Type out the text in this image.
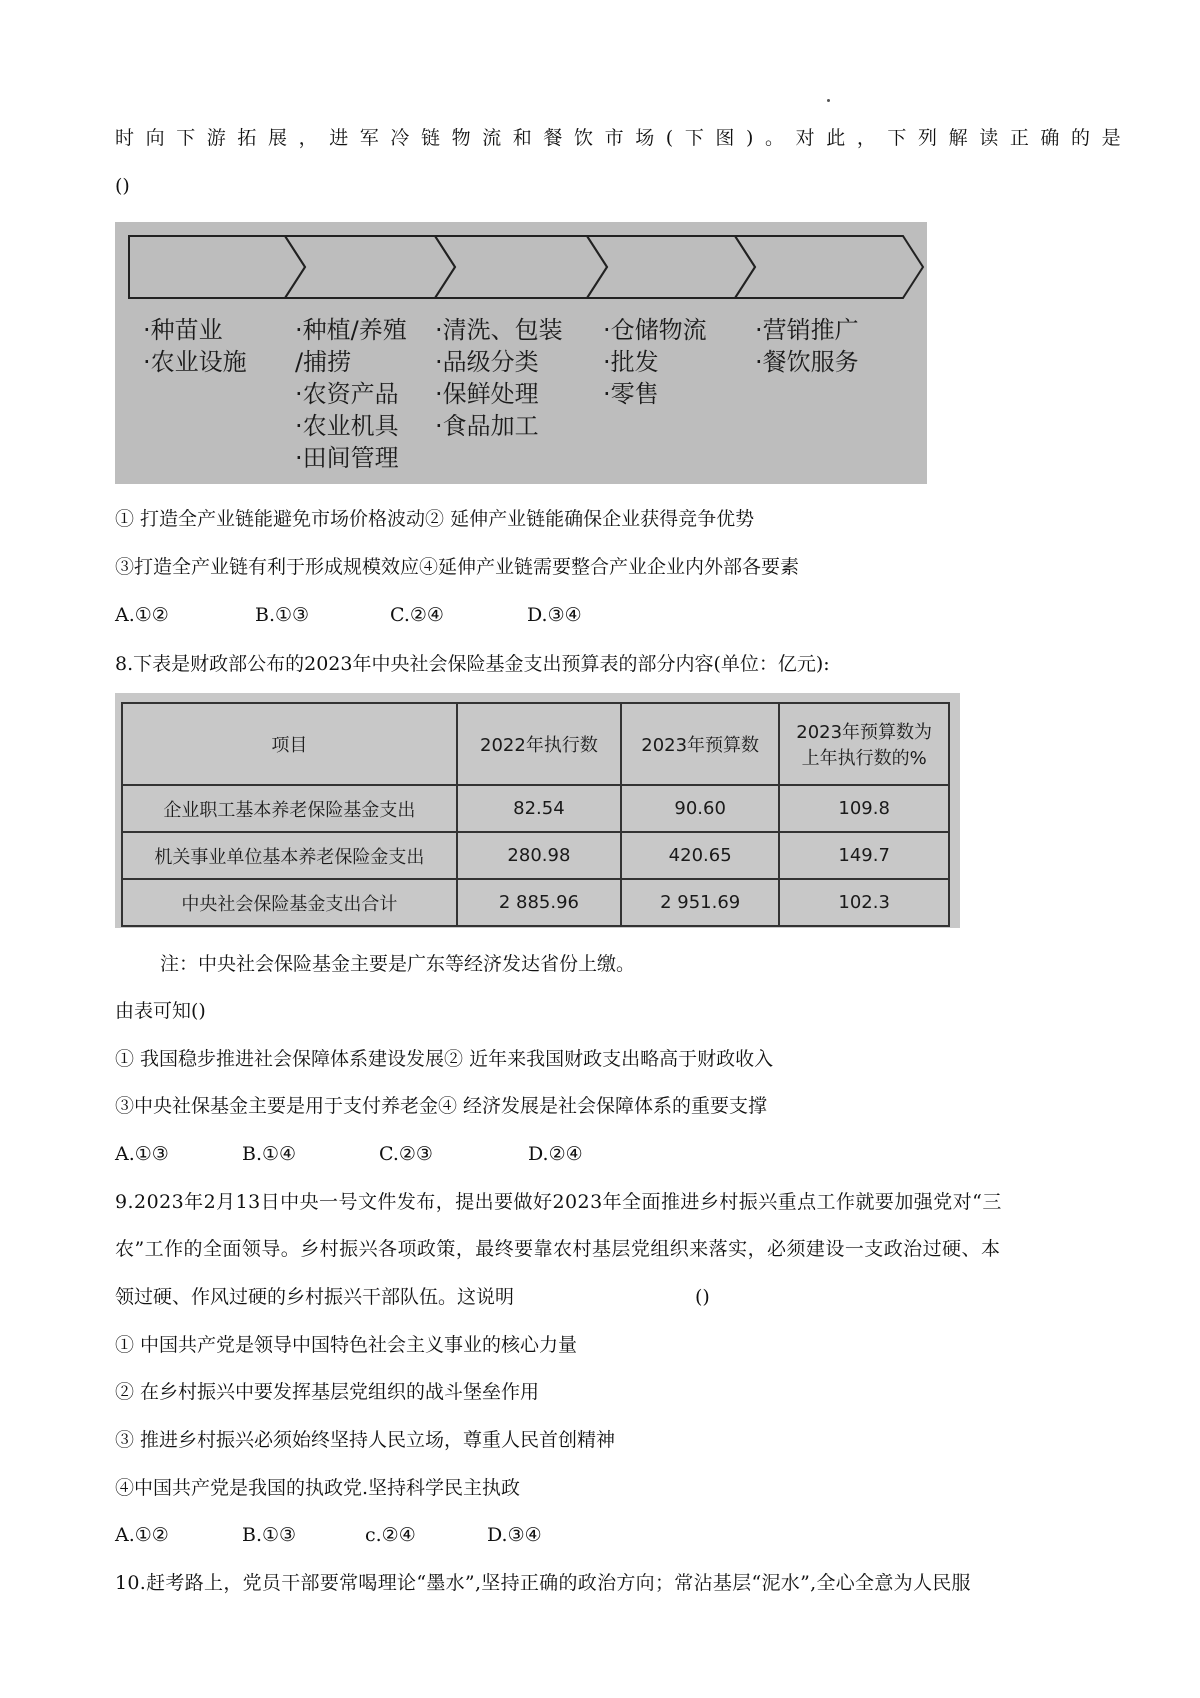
时向下游拓展，进军冷链物流和餐饮市场(下图)。对此，下列解读正确的是
()
·种苗业
·农业设施
·种植/养殖
/捕捞
·农资产品
·农业机具
·田间管理
·清洗、包装
·品级分类
·保鲜处理
·食品加工
·仓储物流
·批发
·零售
·营销推广
·餐饮服务
① 打造全产业链能避免市场价格波动② 延伸产业链能确保企业获得竞争优势
③打造全产业链有利于形成规模效应④延伸产业链需要整合产业企业内外部各要素
A.①②	B.①③	C.②④	D.③④
8.下表是财政部公布的2023年中央社会保险基金支出预算表的部分内容(单位：亿元):
项目	2022年执行数	2023年预算数	2023年预算数为
上年执行数的%

企业职工基本养老保险基金支出	82.54	90.60	109.8
机关事业单位基本养老保险金支出	280.98	420.65	149.7
中央社会保险基金支出合计	2 885.96	2 951.69	102.3
注：中央社会保险基金主要是广东等经济发达省份上缴。
由表可知()
① 我国稳步推进社会保障体系建设发展② 近年来我国财政支出略高于财政收入
③中央社保基金主要是用于支付养老金④ 经济发展是社会保障体系的重要支撑
A.①③	B.①④	C.②③	D.②④
9.2023年2月13日中央一号文件发布，提出要做好2023年全面推进乡村振兴重点工作就要加强党对“三
农”工作的全面领导。乡村振兴各项政策，最终要靠农村基层党组织来落实，必须建设一支政治过硬、本
领过硬、作风过硬的乡村振兴干部队伍。这说明	()
① 中国共产党是领导中国特色社会主义事业的核心力量
② 在乡村振兴中要发挥基层党组织的战斗堡垒作用
③ 推进乡村振兴必须始终坚持人民立场，尊重人民首创精神
④中国共产党是我国的执政党.坚持科学民主执政
A.①②	B.①③	c.②④	D.③④
10.赶考路上，党员干部要常喝理论“墨水”,坚持正确的政治方向；常沾基层“泥水”,全心全意为人民服
